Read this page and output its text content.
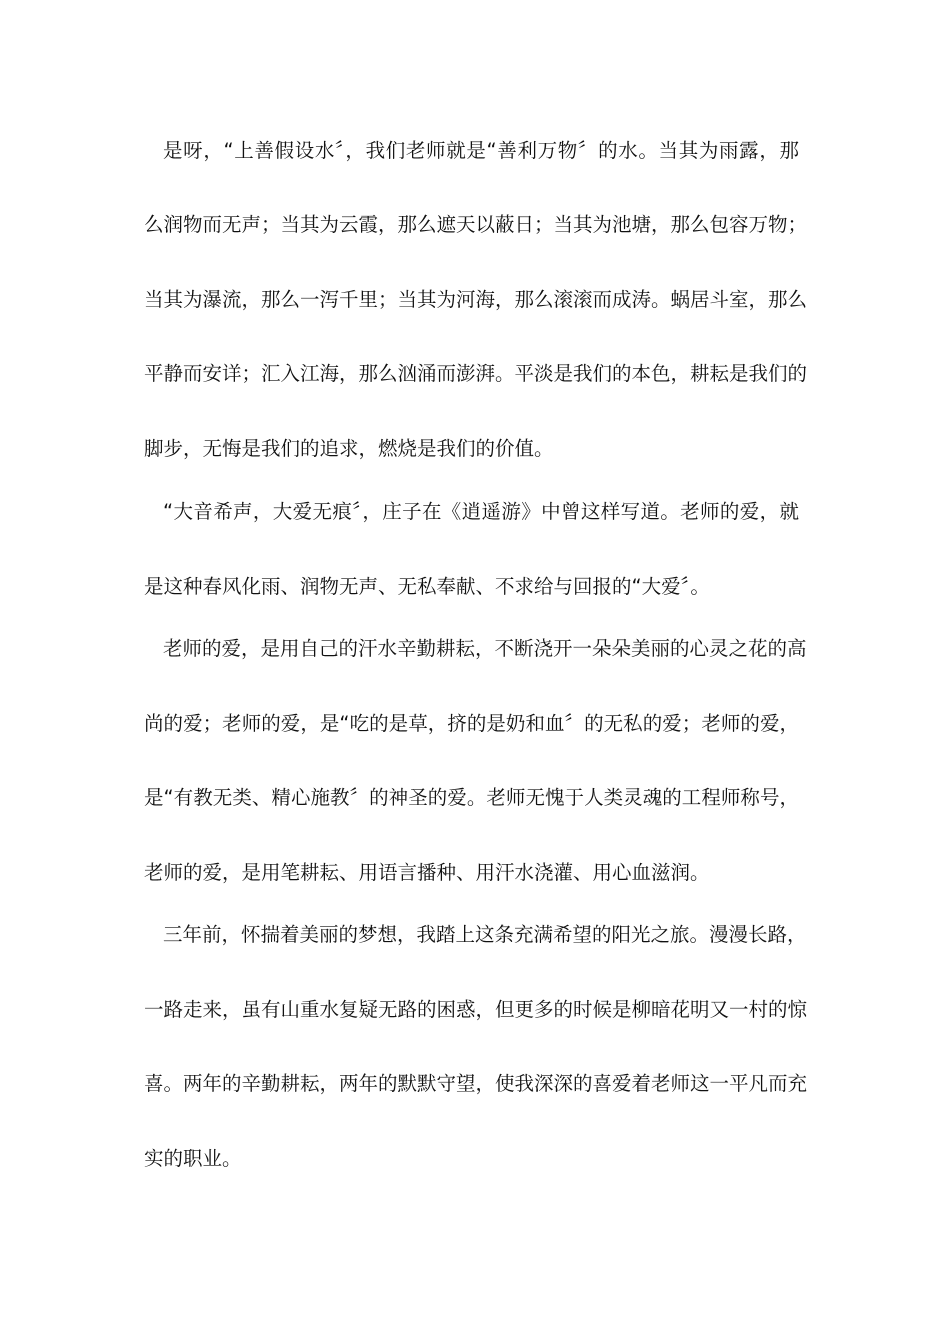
是呀，“上善假设水〞，我们老师就是“善利万物〞的水。当其为雨露，那
么润物而无声；当其为云霞，那么遮天以蔽日；当其为池塘，那么包容万物；
当其为瀑流，那么一泻千里；当其为河海，那么滚滚而成涛。蜗居斗室，那么
平静而安详；汇入江海，那么汹涌而澎湃。平淡是我们的本色，耕耘是我们的
脚步，无悔是我们的追求，燃烧是我们的价值。
“大音希声，大爱无痕〞，庄子在《逍遥游》中曾这样写道。老师的爱，就
是这种春风化雨、润物无声、无私奉献、不求给与回报的“大爱〞。
老师的爱，是用自己的汗水辛勤耕耘，不断浇开一朵朵美丽的心灵之花的高
尚的爱；老师的爱，是“吃的是草，挤的是奶和血〞的无私的爱；老师的爱，
是“有教无类、精心施教〞的神圣的爱。老师无愧于人类灵魂的工程师称号，
老师的爱，是用笔耕耘、用语言播种、用汗水浇灌、用心血滋润。
三年前，怀揣着美丽的梦想，我踏上这条充满希望的阳光之旅。漫漫长路，
一路走来，虽有山重水复疑无路的困惑，但更多的时候是柳暗花明又一村的惊
喜。两年的辛勤耕耘，两年的默默守望，使我深深的喜爱着老师这一平凡而充
实的职业。
